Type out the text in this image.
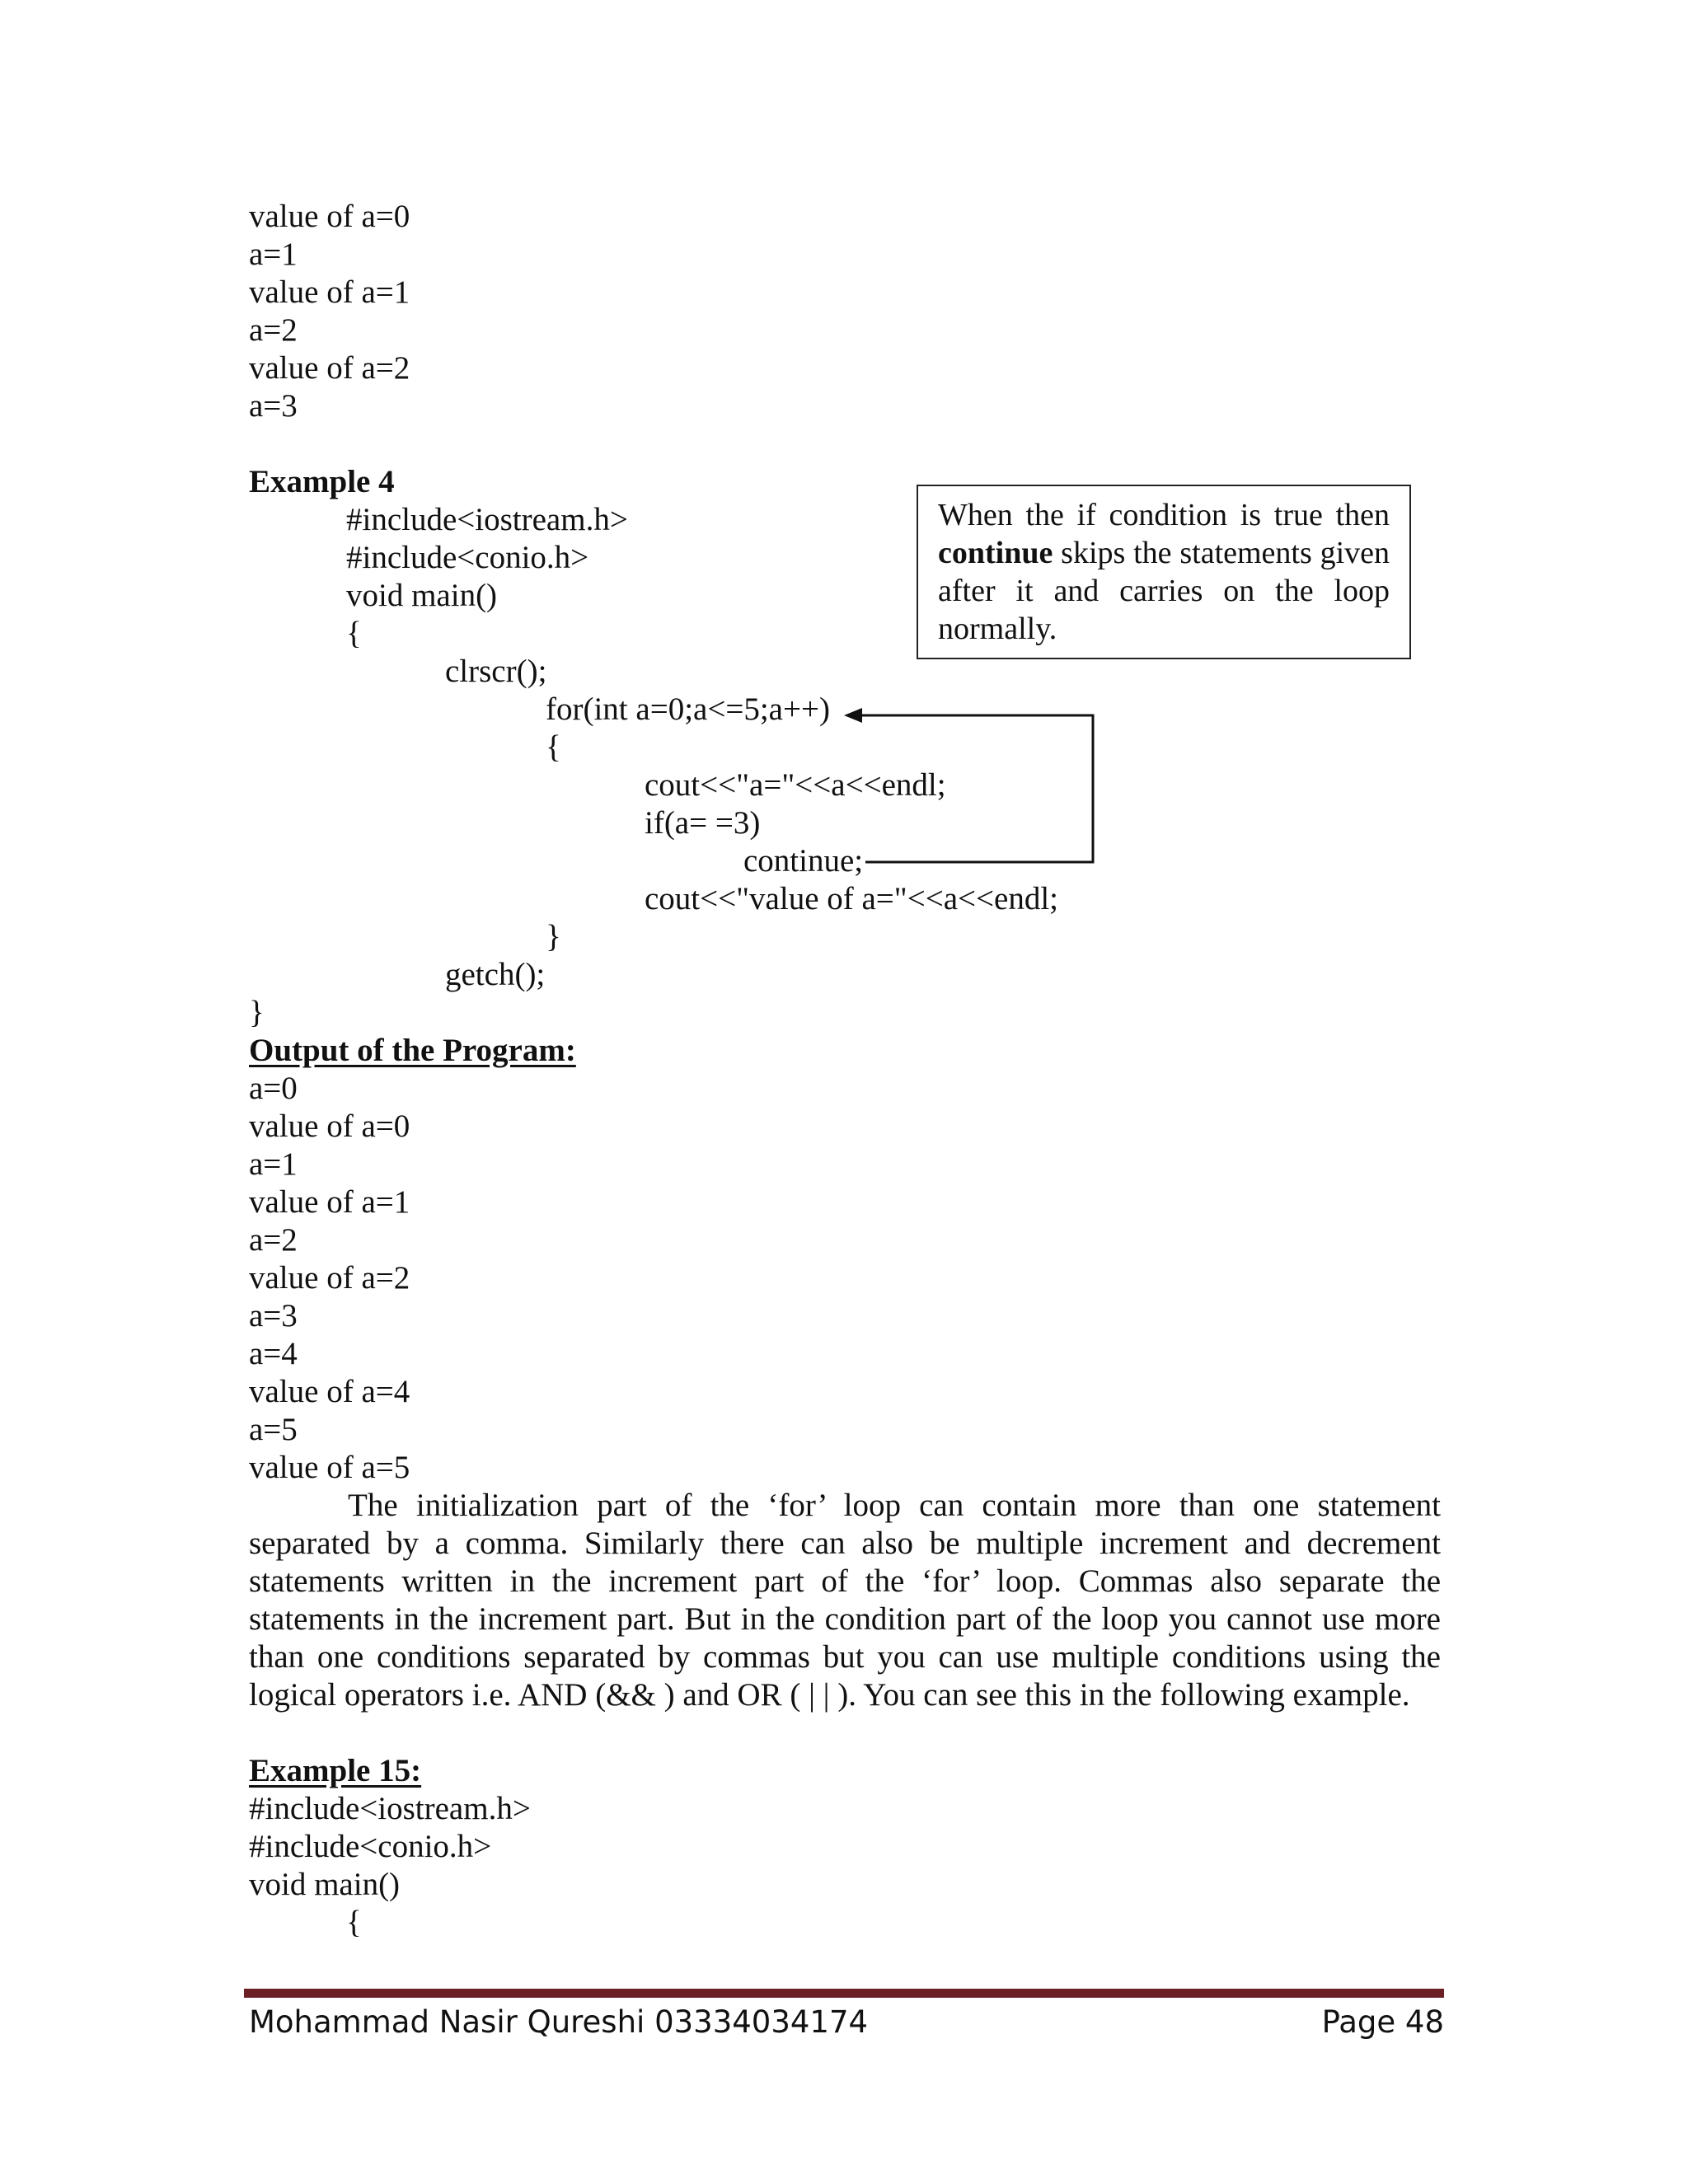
value of a=0
a=1
value of a=1
a=2
value of a=2
a=3
Example 4
#include<iostream.h>
#include<conio.h>
void main()
{
clrscr();
for(int a=0;a<=5;a++)
{
cout<<"a="<<a<<endl;
if(a= =3)
continue;
cout<<"value of a="<<a<<endl;
}
getch();
}
When the if condition is true then continue skips the statements given after it and carries on the loop normally.
Output of the Program:
a=0
value of a=0
a=1
value of a=1
a=2
value of a=2
a=3
a=4
value of a=4
a=5
value of a=5
The initialization part of the ‘for’ loop can contain more than one statement separated by a comma. Similarly there can also be multiple increment and decrement statements written in the increment part of the ‘for’ loop. Commas also separate the statements in the increment part. But in the condition part of the loop you cannot use more than one conditions separated by commas but you can use multiple conditions using the logical operators i.e. AND (&& ) and OR ( | | ). You can see this in the following example.
Example 15:
#include<iostream.h>
#include<conio.h>
void main()
{
Mohammad Nasir Qureshi 03334034174	Page 48
